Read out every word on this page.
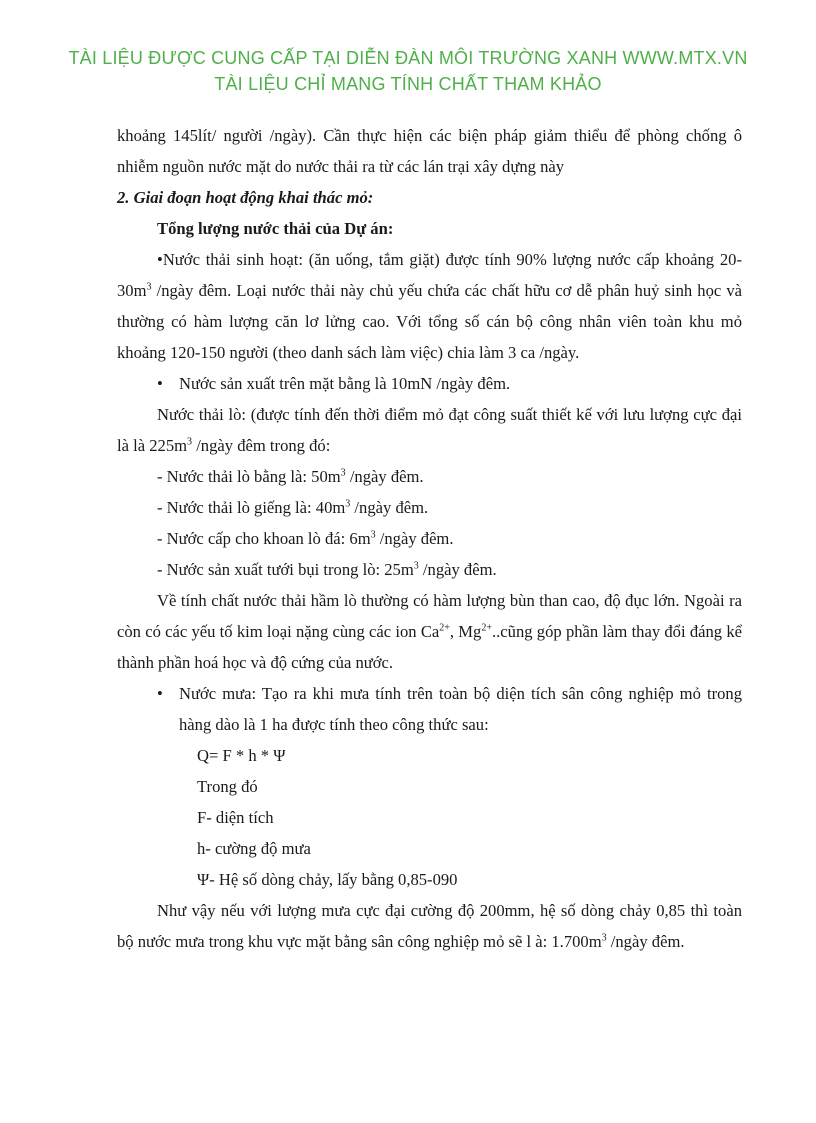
TÀI LIỆU ĐƯỢC CUNG CẤP TẠI DIỄN ĐÀN MÔI TRƯỜNG XANH WWW.MTX.VN
TÀI LIỆU CHỈ MANG TÍNH CHẤT THAM KHẢO

khoảng 145lít/ người /ngày). Cần thực hiện các biện pháp giảm thiểu để phòng chống ô nhiễm nguồn nước mặt do nước thải ra từ các lán trại xây dựng này

2. Giai đoạn hoạt động khai thác mỏ:

Tổng lượng nước thải của Dự án:

•Nước thải sinh hoạt: (ăn uống, tắm giặt) được tính 90% lượng nước cấp khoảng $20-30m^3$ /ngày đêm. Loại nước thải này chủ yếu chứa các chất hữu cơ dễ phân huỷ sinh học và thường có hàm lượng căn lơ lửng cao. Với tổng số cán bộ công nhân viên toàn khu mỏ khoảng 120-150 người (theo danh sách làm việc) chia làm 3 ca /ngày.

• Nước sản xuất trên mặt bằng là 10mN /ngày đêm.

Nước thải lò: (được tính đến thời điểm mỏ đạt công suất thiết kế với lưu lượng cực đại là là $225m^3$ /ngày đêm trong đó:

- Nước thải lò bằng là: $50m^3$ /ngày đêm.

- Nước thải lò giếng là: $40m^3$ /ngày đêm.

- Nước cấp cho khoan lò đá: $6m^3$ /ngày đêm.

- Nước sản xuất tưới bụi trong lò: $25m^3$ /ngày đêm.

Về tính chất nước thải hầm lò thường có hàm lượng bùn than cao, độ đục lớn. Ngoài ra còn có các yếu tố kim loại nặng cùng các ion $Ca^{2+}$, $Mg^{2+}..cũng$ góp phần làm thay đổi đáng kể thành phần hoá học và độ cứng của nước.

• Nước mưa: Tạo ra khi mưa tính trên toàn bộ diện tích sân công nghiệp mỏ trong hàng dào là 1 ha được tính theo công thức sau:

Q= F * h * Ψ

Trong đó

F- diện tích

h- cường độ mưa

Ψ- Hệ số dòng chảy, lấy bằng 0,85-090

Như vậy nếu với lượng mưa cực đại cường độ 200mm, hệ số dòng chảy 0,85 thì toàn bộ nước mưa trong khu vực mặt bằng sân công nghiệp mỏ sẽ l à: $1.700m^3$ /ngày đêm.
